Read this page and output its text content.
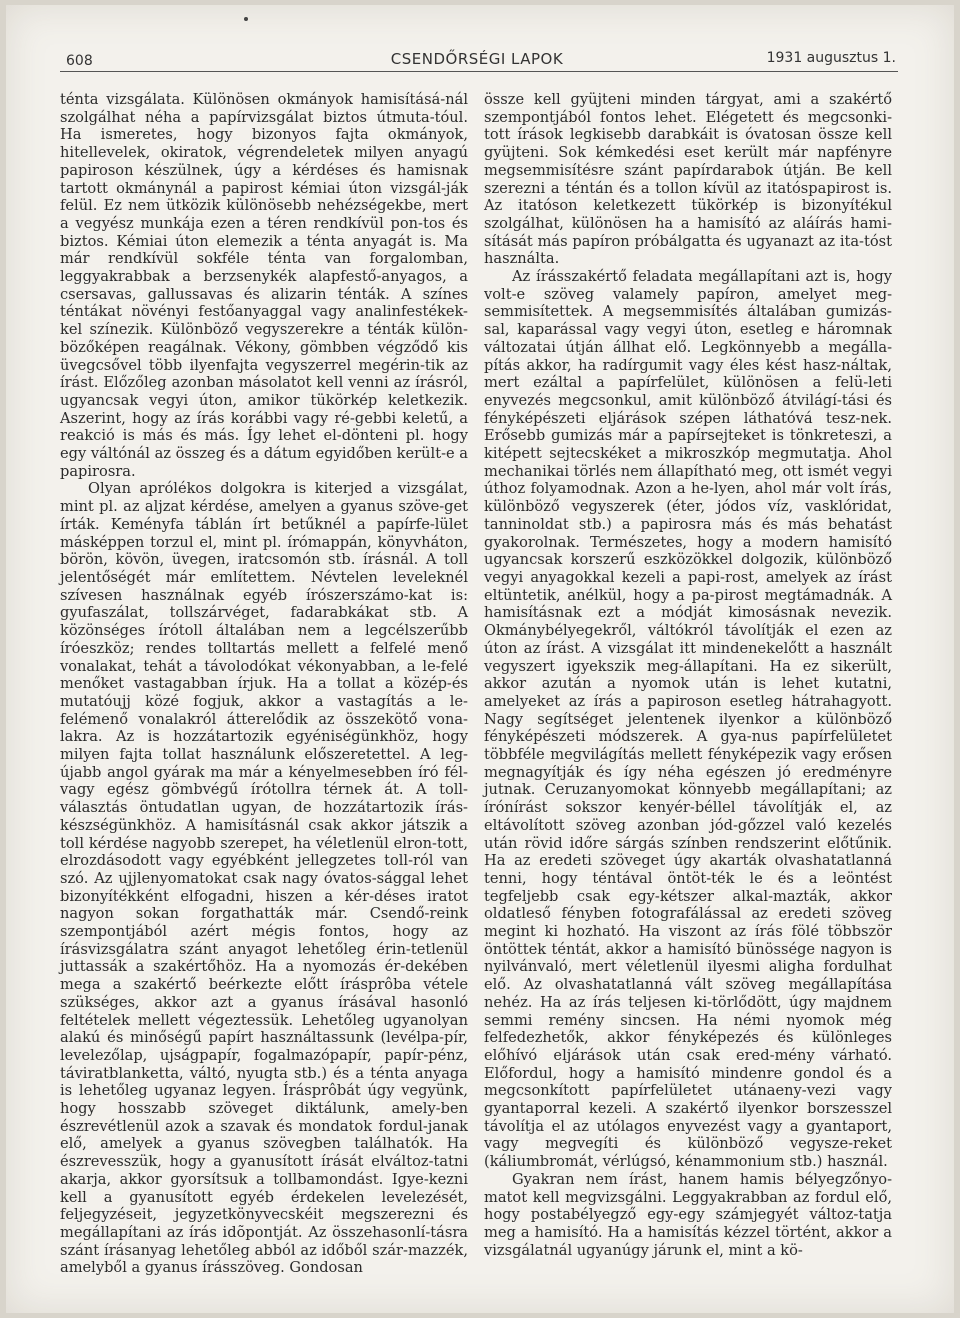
608	CSENDŐRSÉGI LAPOK	1931 augusztus 1.

ténta vizsgálata. Különösen okmányok hamisításá-nál szolgálhat néha a papírvizsgálat biztos útmuta-tóul. Ha ismeretes, hogy bizonyos fajta okmányok, hitellevelek, okiratok, végrendeletek milyen anyagú papiroson készülnek, úgy a kérdéses és hamisnak tartott okmánynál a papirost kémiai úton vizsgál-ják felül. Ez nem ütközik különösebb nehézségekbe, mert a vegyész munkája ezen a téren rendkívül pon-tos és biztos. Kémiai úton elemezik a ténta anyagát is. Ma már rendkívül sokféle ténta van forgalomban, leggyakrabbak a berzsenykék alapfestő-anyagos, a csersavas, gallussavas és alizarin ténták. A színes téntákat növényi festőanyaggal vagy analinfestékek-kel színezik. Különböző vegyszerekre a ténták külön-bözőképen reagálnak. Vékony, gömbben végződő kis üvegcsővel több ilyenfajta vegyszerrel megérin-tik az írást. Előzőleg azonban másolatot kell venni az írásról, ugyancsak vegyi úton, amikor tükörkép keletkezik. Aszerint, hogy az írás korábbi vagy ré-gebbi keletű, a reakció is más és más. Így lehet el-dönteni pl. hogy egy váltónál az összeg és a dátum egyidőben került-e a papirosra.

Olyan aprólékos dolgokra is kiterjed a vizsgálat, mint pl. az aljzat kérdése, amelyen a gyanus szöve-get írták. Keményfa táblán írt betűknél a papírfe-lület másképpen torzul el, mint pl. írómappán, könyvháton, börön, kövön, üvegen, iratcsomón stb. írásnál. A toll jelentőségét már említettem. Névtelen leveleknél szívesen használnak egyéb írószerszámo-kat is: gyufaszálat, tollszárvéget, fadarabkákat stb. A közönséges írótoll általában nem a legcélszerűbb íróeszköz; rendes tolltartás mellett a felfelé menő vonalakat, tehát a távolodókat vékonyabban, a le-felé menőket vastagabban írjuk. Ha a tollat a közép-és mutatóujj közé fogjuk, akkor a vastagítás a le-felémenő vonalakról átterelődik az összekötő vona-lakra. Az is hozzátartozik egyéniségünkhöz, hogy milyen fajta tollat használunk előszeretettel. A leg-újabb angol gyárak ma már a kényelmesebben író fél- vagy egész gömbvégű írótollra térnek át. A toll-választás öntudatlan ugyan, de hozzátartozik írás-készségünkhöz. A hamisításnál csak akkor játszik a toll kérdése nagyobb szerepet, ha véletlenül elron-tott, elrozdásodott vagy egyébként jellegzetes toll-ról van szó. Az ujjlenyomatokat csak nagy óvatos-sággal lehet bizonyítékként elfogadni, hiszen a kér-déses iratot nagyon sokan forgathatták már. Csendő-reink szempontjából azért mégis fontos, hogy az írásvizsgálatra szánt anyagot lehetőleg érin-tetlenül juttassák a szakértőhöz. Ha a nyomozás ér-dekében mega a szakértő beérkezte előtt írásprôba vétele szükséges, akkor azt a gyanus írásával hasonló feltételek mellett végeztessük. Lehetőleg ugyanolyan alakú és minőségű papírt használtassunk (levélpa-pír, levelezőlap, ujságpapír, fogalmazópapír, papír-pénz, táviratblanketta, váltó, nyugta stb.) és a ténta anyaga is lehetőleg ugyanaz legyen. Írásprôbát úgy vegyünk, hogy hosszabb szöveget diktálunk, amely-ben észrevétlenül azok a szavak és mondatok fordul-janak elő, amelyek a gyanus szövegben találhatók. Ha észrevesszük, hogy a gyanusított írását elváltoz-tatni akarja, akkor gyorsítsuk a tollbamondást. Igye-kezni kell a gyanusított egyéb érdekelen levelezését, feljegyzéseit, jegyzetkönyvecskéit megszerezni és megállapítani az írás idõpontját. Az összehasonlí-tásra szánt írásanyag lehetőleg abból az időből szár-mazzék, amelyből a gyanus írásszöveg. Gondosan

össze kell gyüjteni minden tárgyat, ami a szakértő szempontjából fontos lehet. Elégetett és megcsonki-tott írások legkisebb darabkáit is óvatosan össze kell gyüjteni. Sok kémkedési eset került már napfényre megsemmisítésre szánt papírdarabok útján. Be kell szerezni a téntán és a tollon kívül az itatóspapirost is. Az itatóson keletkezett tükörkép is bizonyítékul szolgálhat, különösen ha a hamisító az aláírás hami-sítását más papíron próbálgatta és ugyanazt az ita-tóst használta.

Az írásszakértő feladata megállapítani azt is, hogy volt-e szöveg valamely papíron, amelyet meg-semmisítettek. A megsemmisítés általában gumizás-sal, kaparással vagy vegyi úton, esetleg e háromnak változatai útján állhat elő. Legkönnyebb a megálla-pítás akkor, ha radírgumit vagy éles kést hasz-náltak, mert ezáltal a papírfelület, különösen a felü-leti enyvezés megcsonkul, amit különböző átvilágí-tási és fényképészeti eljárások szépen láthatóvá tesz-nek. Erősebb gumizás már a papírsejteket is tönkreteszi, a kitépett sejtecskéket a mikroszkóp megmutatja. Ahol mechanikai törlés nem állapítható meg, ott ismét vegyi úthoz folyamodnak. Azon a he-lyen, ahol már volt írás, különböző vegyszerek (éter, jódos víz, vasklóridat, tanninoldat stb.) a papirosra más és más behatást gyakorolnak. Természetes, hogy a modern hamisító ugyancsak korszerű eszközökkel dolgozik, különböző vegyi anyagokkal kezeli a papi-rost, amelyek az írást eltüntetik, anélkül, hogy a pa-pirost megtámadnák. A hamisításnak ezt a módját kimosásnak nevezik. Okmánybélyegekről, váltókról távolítják el ezen az úton az írást. A vizsgálat itt mindenekelőtt a használt vegyszert igyekszik meg-állapítani. Ha ez sikerült, akkor azután a nyomok után is lehet kutatni, amelyeket az írás a papiroson esetleg hátrahagyott. Nagy segítséget jelentenek ilyenkor a különböző fényképészeti módszerek. A gya-nus papírfelületet többféle megvilágítás mellett fényképezik vagy erősen megnagyítják és így néha egészen jó eredményre jutnak. Ceruzanyomokat könnyebb megállapítani; az írónírást sokszor kenyér-béllel távolítják el, az eltávolított szöveg azonban jód-gőzzel való kezelés után rövid időre sárgás színben rendszerint előtűnik. Ha az eredeti szöveget úgy akarták olvashatatlanná tenni, hogy téntával öntöt-ték le és a leöntést tegfeljebb csak egy-kétszer alkal-mazták, akkor oldatleső fényben fotografálással az eredeti szöveg megint ki hozható. Ha viszont az írás fölé többször öntöttek téntát, akkor a hamisító bünössége nagyon is nyilvánvaló, mert véletlenül ilyesmi aligha fordulhat elő. Az olvashatatlanná vált szöveg megállapítása nehéz. Ha az írás teljesen ki-törlődött, úgy majdnem semmi remény sincsen. Ha némi nyomok még felfedezhetők, akkor fényképezés és különleges előhívó eljárások után csak ered-mény várható. Előfordul, hogy a hamisító mindenre gondol és a megcsonkított papírfelületet utánaeny-vezi vagy gyantaporral kezeli. A szakértő ilyenkor borszesszel távolítja el az utólagos enyvezést vagy a gyantaport, vagy megvegíti és különböző vegysze-reket (káliumbromát, vérlúgsó, kénammonium stb.) használ.

Gyakran nem írást, hanem hamis bélyegzőnyo-matot kell megvizsgálni. Leggyakrabban az fordul elő, hogy postabélyegző egy-egy számjegyét változ-tatja meg a hamisító. Ha a hamisítás kézzel történt, akkor a vizsgálatnál ugyanúgy járunk el, mint a kö-
